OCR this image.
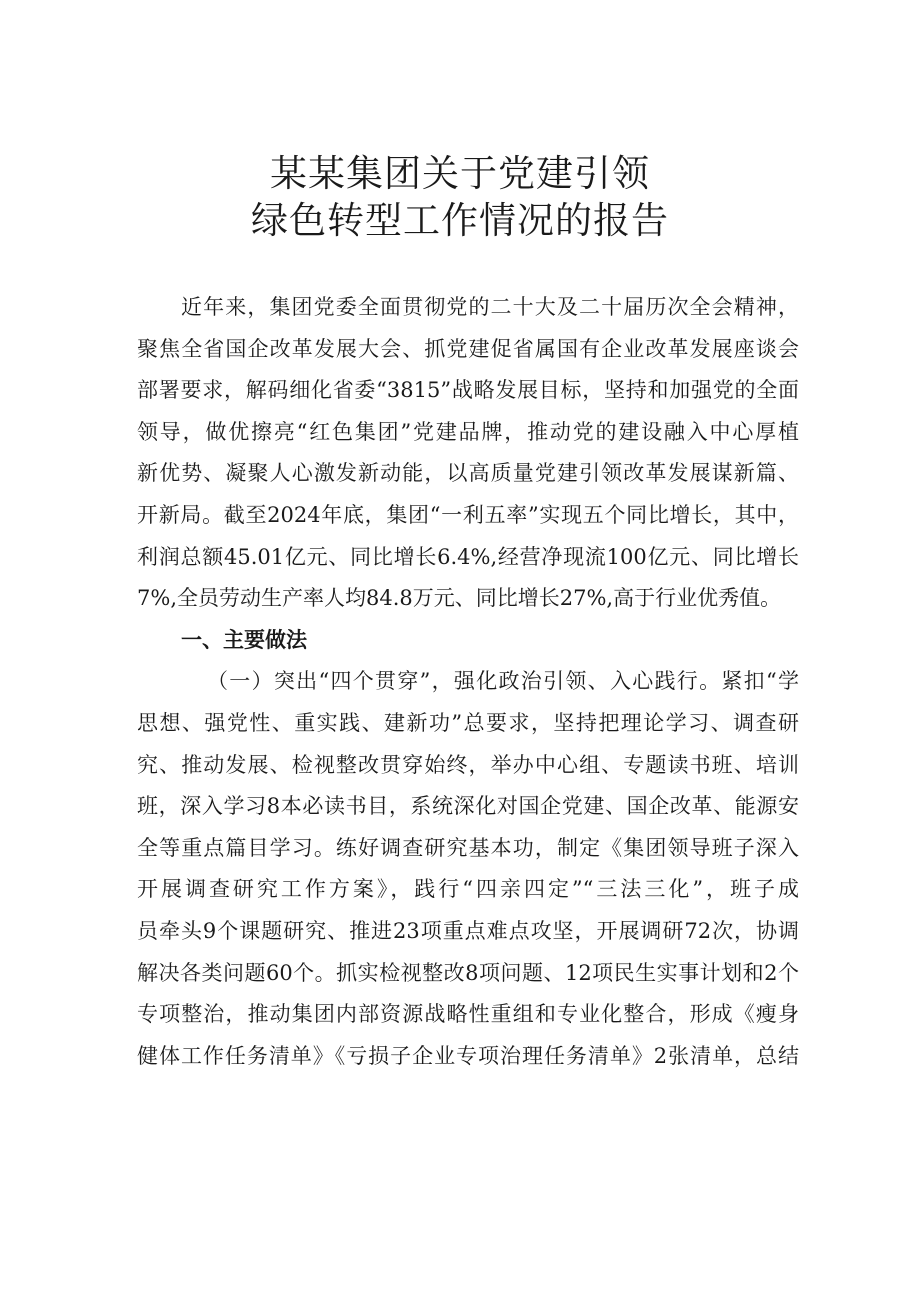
某某集团关于党建引领
绿色转型工作情况的报告
近年来，集团党委全面贯彻党的二十大及二十届历次全会精神，
聚焦全省国企改革发展大会、抓党建促省属国有企业改革发展座谈会
部署要求，解码细化省委“3815”战略发展目标，坚持和加强党的全面
领导，做优擦亮“红色集团”党建品牌，推动党的建设融入中心厚植
新优势、凝聚人心激发新动能，以高质量党建引领改革发展谋新篇、
开新局。截至2024年底，集团“一利五率”实现五个同比增长，其中，
利润总额45.01亿元、同比增长6.4%,经营净现流100亿元、同比增长
7%,全员劳动生产率人均84.8万元、同比增长27%,高于行业优秀值。
一、主要做法
（一）突出“四个贯穿”，强化政治引领、入心践行。紧扣“学
思想、强党性、重实践、建新功”总要求，坚持把理论学习、调查研
究、推动发展、检视整改贯穿始终，举办中心组、专题读书班、培训
班，深入学习8本必读书目，系统深化对国企党建、国企改革、能源安
全等重点篇目学习。练好调查研究基本功，制定《集团领导班子深入
开展调查研究工作方案》，践行“四亲四定”“三法三化”，班子成
员牵头9个课题研究、推进23项重点难点攻坚，开展调研72次，协调
解决各类问题60个。抓实检视整改8项问题、12项民生实事计划和2个
专项整治，推动集团内部资源战略性重组和专业化整合，形成《瘦身
健体工作任务清单》《亏损子企业专项治理任务清单》2张清单，总结
